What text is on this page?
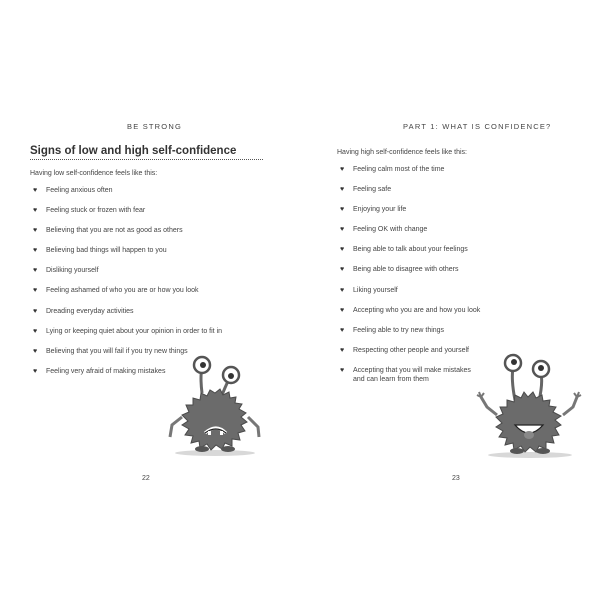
BE STRONG
Signs of low and high self-confidence
Having low self-confidence feels like this:
♥ Feeling anxious often
♥ Feeling stuck or frozen with fear
♥ Believing that you are not as good as others
♥ Believing bad things will happen to you
♥ Disliking yourself
♥ Feeling ashamed of who you are or how you look
♥ Dreading everyday activities
♥ Lying or keeping quiet about your opinion in order to fit in
♥ Believing that you will fail if you try new things
♥ Feeling very afraid of making mistakes
22
PART 1: WHAT IS CONFIDENCE?
Having high self-confidence feels like this:
♥ Feeling calm most of the time
♥ Feeling safe
♥ Enjoying your life
♥ Feeling OK with change
♥ Being able to talk about your feelings
♥ Being able to disagree with others
♥ Liking yourself
♥ Accepting who you are and how you look
♥ Feeling able to try new things
♥ Respecting other people and yourself
♥ Accepting that you will make mistakes
and can learn from them
23
